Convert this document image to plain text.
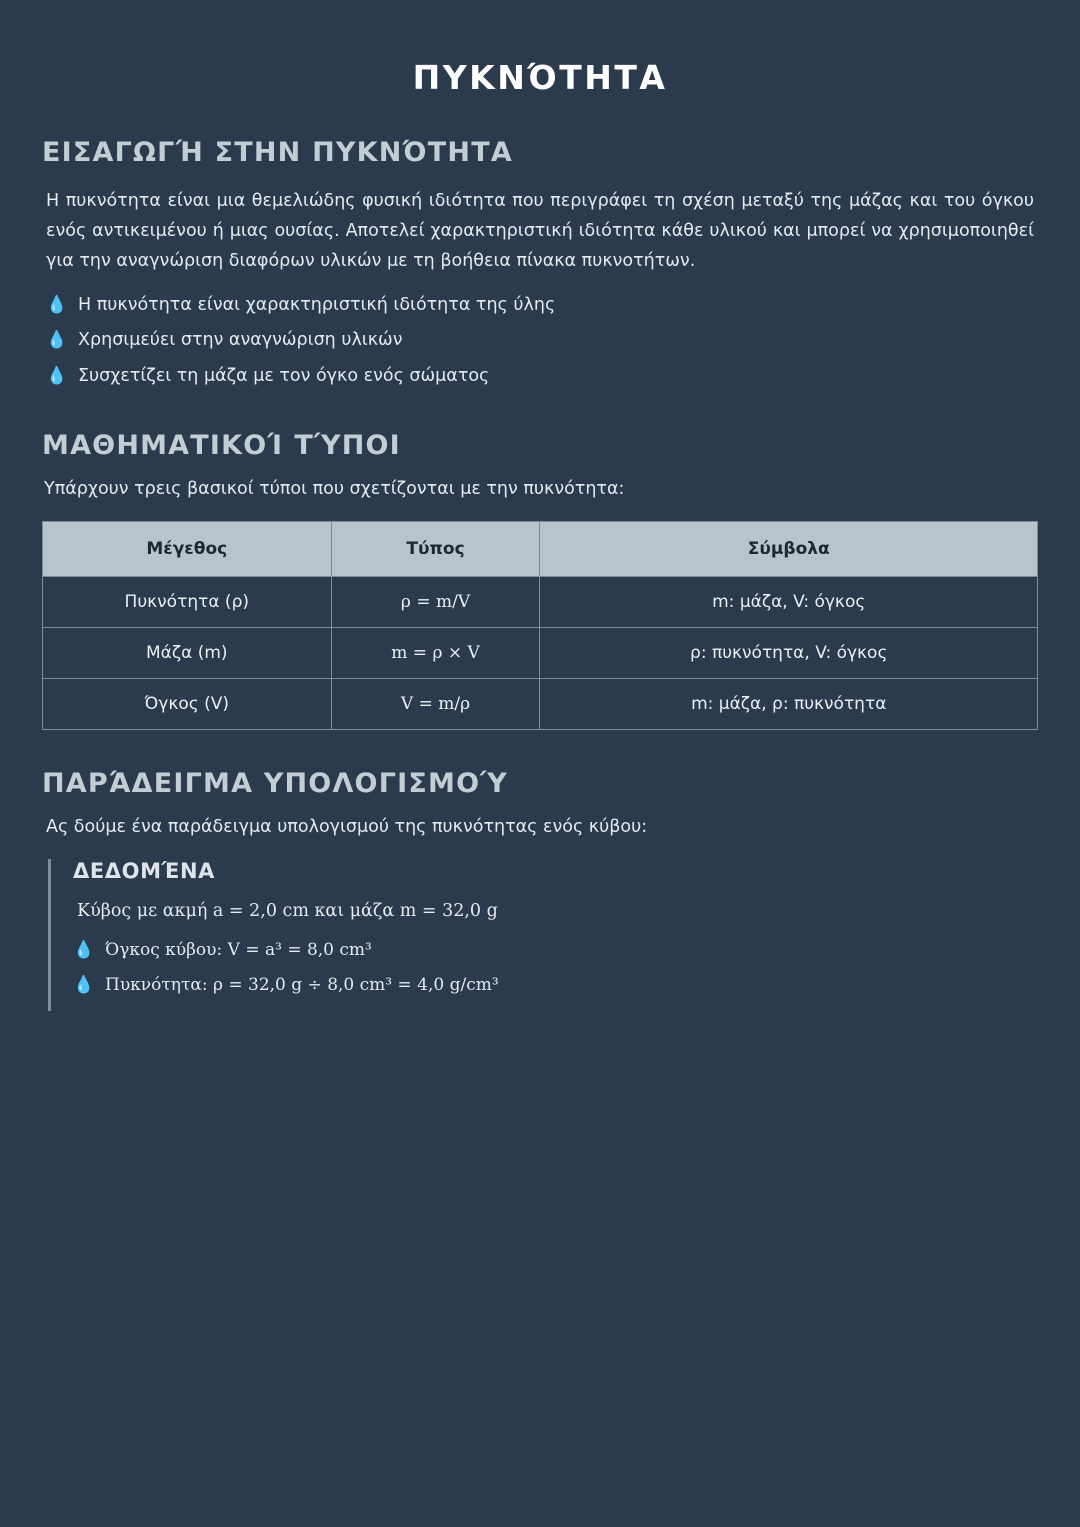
ΠΥΚΝΌΤΗΤΑ
ΕΙΣΑΓΩΓΉ ΣΤΗΝ ΠΥΚΝΌΤΗΤΑ

Η πυκνότητα είναι μια θεμελιώδης φυσική ιδιότητα που περιγράφει τη σχέση μεταξύ της μάζας και του όγκου ενός αντικειμένου ή μιας ουσίας. Αποτελεί χαρακτηριστική ιδιότητα κάθε υλικού και μπορεί να χρησιμοποιηθεί για την αναγνώριση διαφόρων υλικών με τη βοήθεια πίνακα πυκνοτήτων.

💧 Η πυκνότητα είναι χαρακτηριστική ιδιότητα της ύλης
💧 Χρησιμεύει στην αναγνώριση υλικών
💧 Συσχετίζει τη μάζα με τον όγκο ενός σώματος
ΜΑΘΗΜΑΤΙΚΟΊ ΤΎΠΟΙ

Υπάρχουν τρεις βασικοί τύποι που σχετίζονται με την πυκνότητα:

Μέγεθος	Τύπος	Σύμβολα
Πυκνότητα (ρ)	ρ = m/V	m: μάζα, V: όγκος
Μάζα (m)	m = ρ × V	ρ: πυκνότητα, V: όγκος
Όγκος (V)	V = m/ρ	m: μάζα, ρ: πυκνότητα
ΠΑΡΆΔΕΙΓΜΑ ΥΠΟΛΟΓΙΣΜΟΎ

Ας δούμε ένα παράδειγμα υπολογισμού της πυκνότητας ενός κύβου:

ΔΕΔΟΜΈΝΑ
Κύβος με ακμή a = 2,0 cm και μάζα m = 32,0 g
💧 Όγκος κύβου: V = a³ = 8,0 cm³
💧 Πυκνότητα: ρ = 32,0 g ÷ 8,0 cm³ = 4,0 g/cm³
